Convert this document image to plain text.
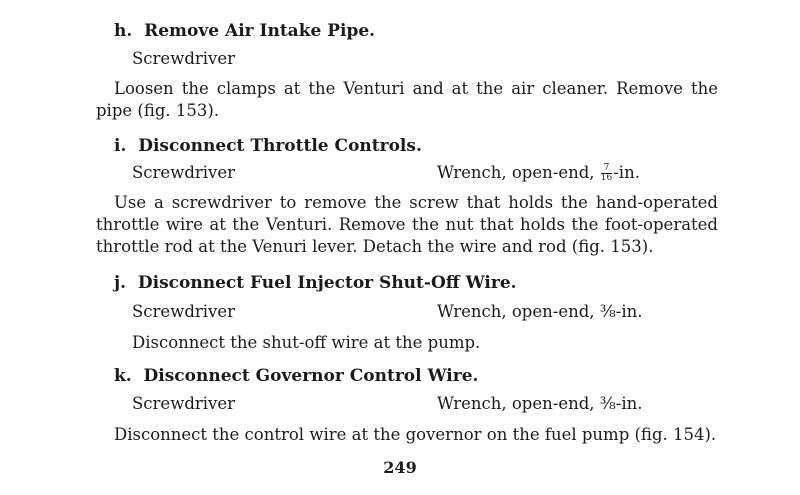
h.  Remove Air Intake Pipe.
Screwdriver
Loosen the clamps at the Venturi and at the air cleaner. Remove the pipe (fig. 153).
i.  Disconnect Throttle Controls.
Screwdriver	Wrench, open-end, $\frac{7}{16} -in$.
Use a screwdriver to remove the screw that holds the hand-operated throttle wire at the Venturi. Remove the nut that holds the foot-operated throttle rod at the Venuri lever. Detach the wire and rod (fig. 153).
j.  Disconnect Fuel Injector Shut-Off Wire.
Screwdriver	Wrench, open-end, ⅜-in.
Disconnect the shut-off wire at the pump.
k.  Disconnect Governor Control Wire.
Screwdriver	Wrench, open-end, ⅜-in.
Disconnect the control wire at the governor on the fuel pump (fig. 154).
249
